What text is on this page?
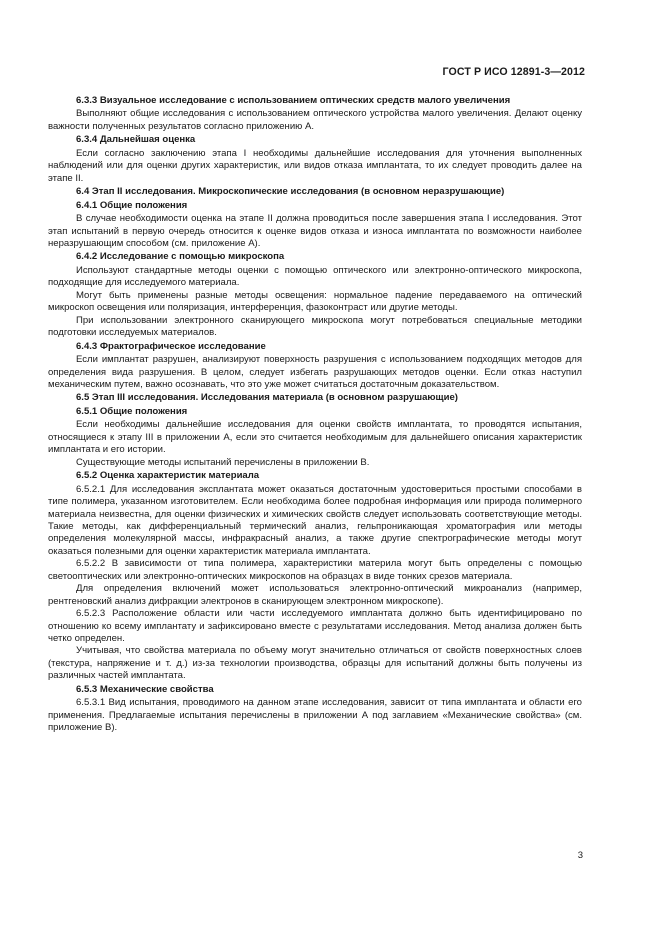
ГОСТ Р ИСО 12891-3—2012

6.3.3 Визуальное исследование с использованием оптических средств малого увеличения

Выполняют общие исследования с использованием оптического устройства малого увеличения. Делают оценку важности полученных результатов согласно приложению А.

6.3.4 Дальнейшая оценка

Если согласно заключению этапа I необходимы дальнейшие исследования для уточнения выполненных наблюдений или для оценки других характеристик, или видов отказа имплантата, то их следует проводить далее на этапе II.

6.4 Этап II исследования. Микроскопические исследования (в основном неразрушающие)

6.4.1 Общие положения

В случае необходимости оценка на этапе II должна проводиться после завершения этапа I исследования. Этот этап испытаний в первую очередь относится к оценке видов отказа и износа имплантата по возможности наиболее неразрушающим способом (см. приложение А).

6.4.2 Исследование с помощью микроскопа

Используют стандартные методы оценки с помощью оптического или электронно-оптического микроскопа, подходящие для исследуемого материала.

Могут быть применены разные методы освещения: нормальное падение передаваемого на оптический микроскоп освещения или поляризация, интерференция, фазоконтраст или другие методы.

При использовании электронного сканирующего микроскопа могут потребоваться специальные методики подготовки исследуемых материалов.

6.4.3 Фрактографическое исследование

Если имплантат разрушен, анализируют поверхность разрушения с использованием подходящих методов для определения вида разрушения. В целом, следует избегать разрушающих методов оценки. Если отказ наступил механическим путем, важно осознавать, что это уже может считаться достаточным доказательством.

6.5 Этап III исследования. Исследования материала (в основном разрушающие)

6.5.1 Общие положения

Если необходимы дальнейшие исследования для оценки свойств имплантата, то проводятся испытания, относящиеся к этапу III в приложении А, если это считается необходимым для дальнейшего описания характеристик имплантата и его истории.

Существующие методы испытаний перечислены в приложении В.

6.5.2 Оценка характеристик материала

6.5.2.1 Для исследования эксплантата может оказаться достаточным удостовериться простыми способами в типе полимера, указанном изготовителем. Если необходима более подробная информация или природа полимерного материала неизвестна, для оценки физических и химических свойств следует использовать соответствующие методы. Такие методы, как дифференциальный термический анализ, гельпроникающая хроматография или методы определения молекулярной массы, инфракрасный анализ, а также другие спектрографические методы могут оказаться полезными для оценки характеристик материала имплантата.

6.5.2.2 В зависимости от типа полимера, характеристики материла могут быть определены с помощью светооптических или электронно-оптических микроскопов на образцах в виде тонких срезов материала.

Для определения включений может использоваться электронно-оптический микроанализ (например, рентгеновский анализ дифракции электронов в сканирующем электронном микроскопе).

6.5.2.3 Расположение области или части исследуемого имплантата должно быть идентифицировано по отношению ко всему имплантату и зафиксировано вместе с результатами исследования. Метод анализа должен быть четко определен.

Учитывая, что свойства материала по объему могут значительно отличаться от свойств поверхностных слоев (текстура, напряжение и т. д.) из-за технологии производства, образцы для испытаний должны быть получены из различных частей имплантата.

6.5.3 Механические свойства

6.5.3.1 Вид испытания, проводимого на данном этапе исследования, зависит от типа имплантата и области его применения. Предлагаемые испытания перечислены в приложении А под заглавием «Механические свойства» (см. приложение В).

3
